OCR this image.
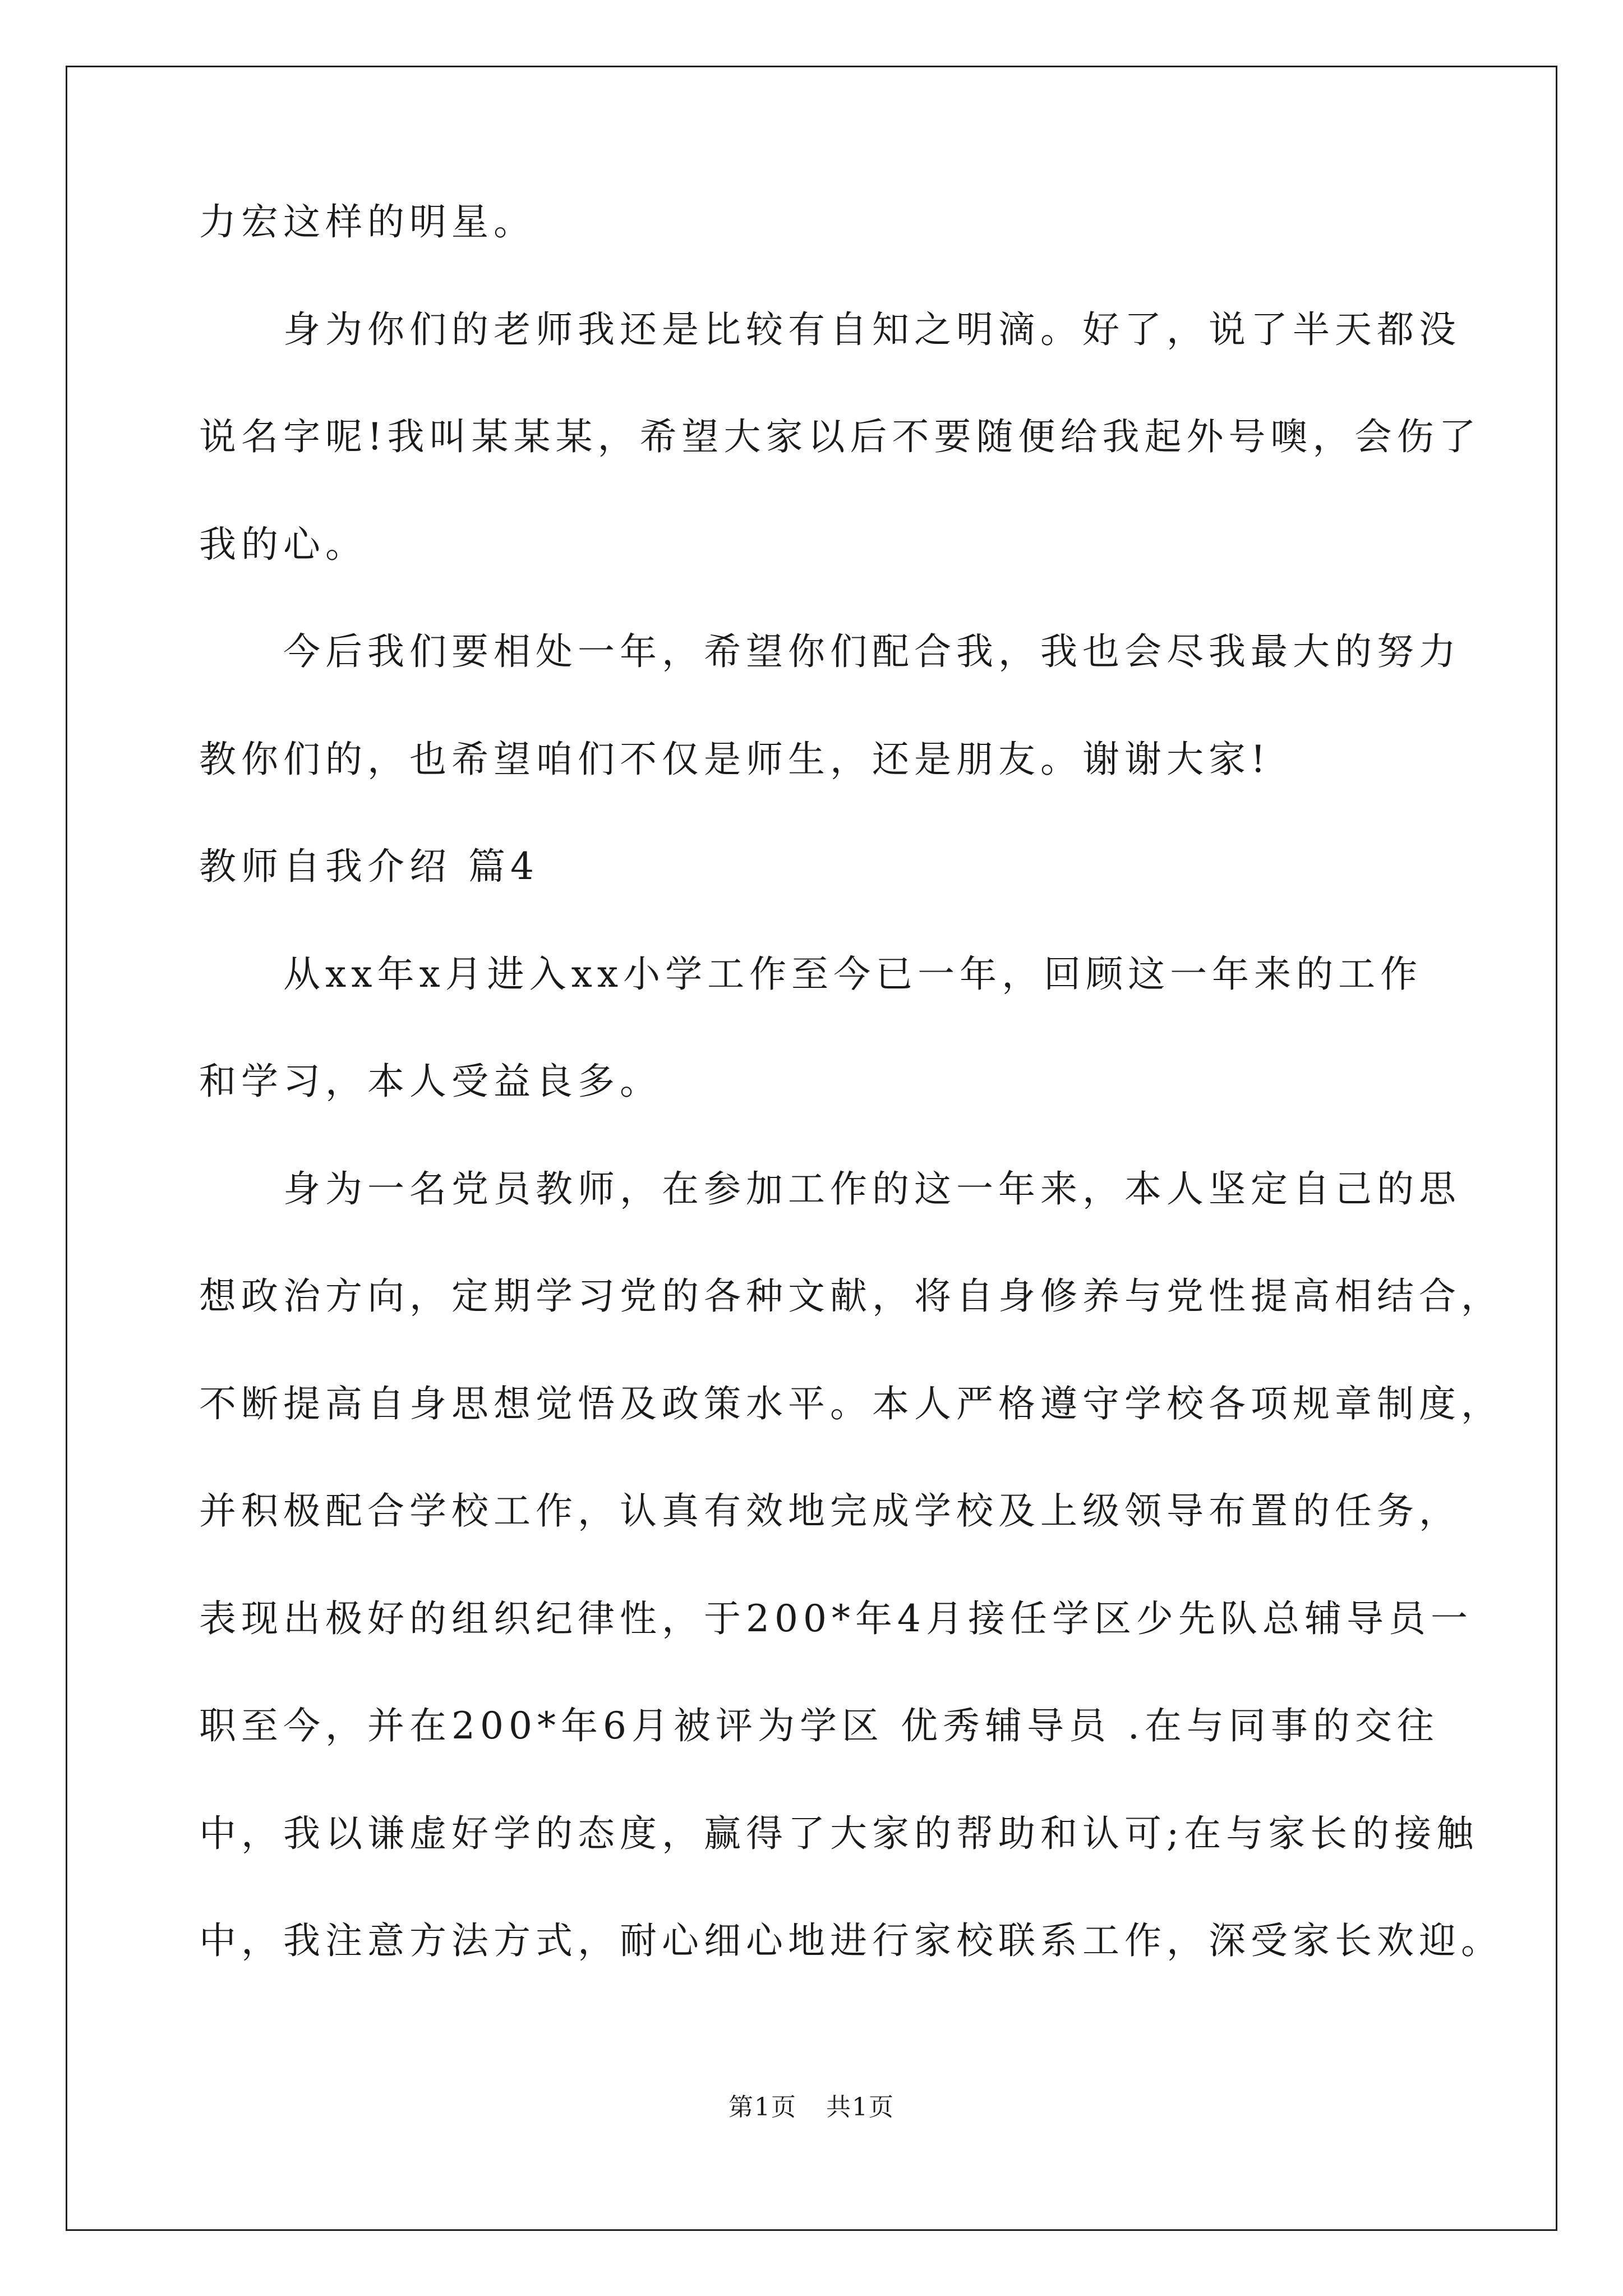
力宏这样的明星。
身为你们的老师我还是比较有自知之明滴。好了，说了半天都没
说名字呢!我叫某某某，希望大家以后不要随便给我起外号噢，会伤了
我的心。
今后我们要相处一年，希望你们配合我，我也会尽我最大的努力
教你们的，也希望咱们不仅是师生，还是朋友。谢谢大家!
教师自我介绍 篇4
从xx年x月进入xx小学工作至今已一年，回顾这一年来的工作
和学习，本人受益良多。
身为一名党员教师，在参加工作的这一年来，本人坚定自己的思
想政治方向，定期学习党的各种文献，将自身修养与党性提高相结合，
不断提高自身思想觉悟及政策水平。本人严格遵守学校各项规章制度，
并积极配合学校工作，认真有效地完成学校及上级领导布置的任务，
表现出极好的组织纪律性，于200*年4月接任学区少先队总辅导员一
职至今，并在200*年6月被评为学区 优秀辅导员 .在与同事的交往
中，我以谦虚好学的态度，赢得了大家的帮助和认可;在与家长的接触
中，我注意方法方式，耐心细心地进行家校联系工作，深受家长欢迎。
第1页 共1页
